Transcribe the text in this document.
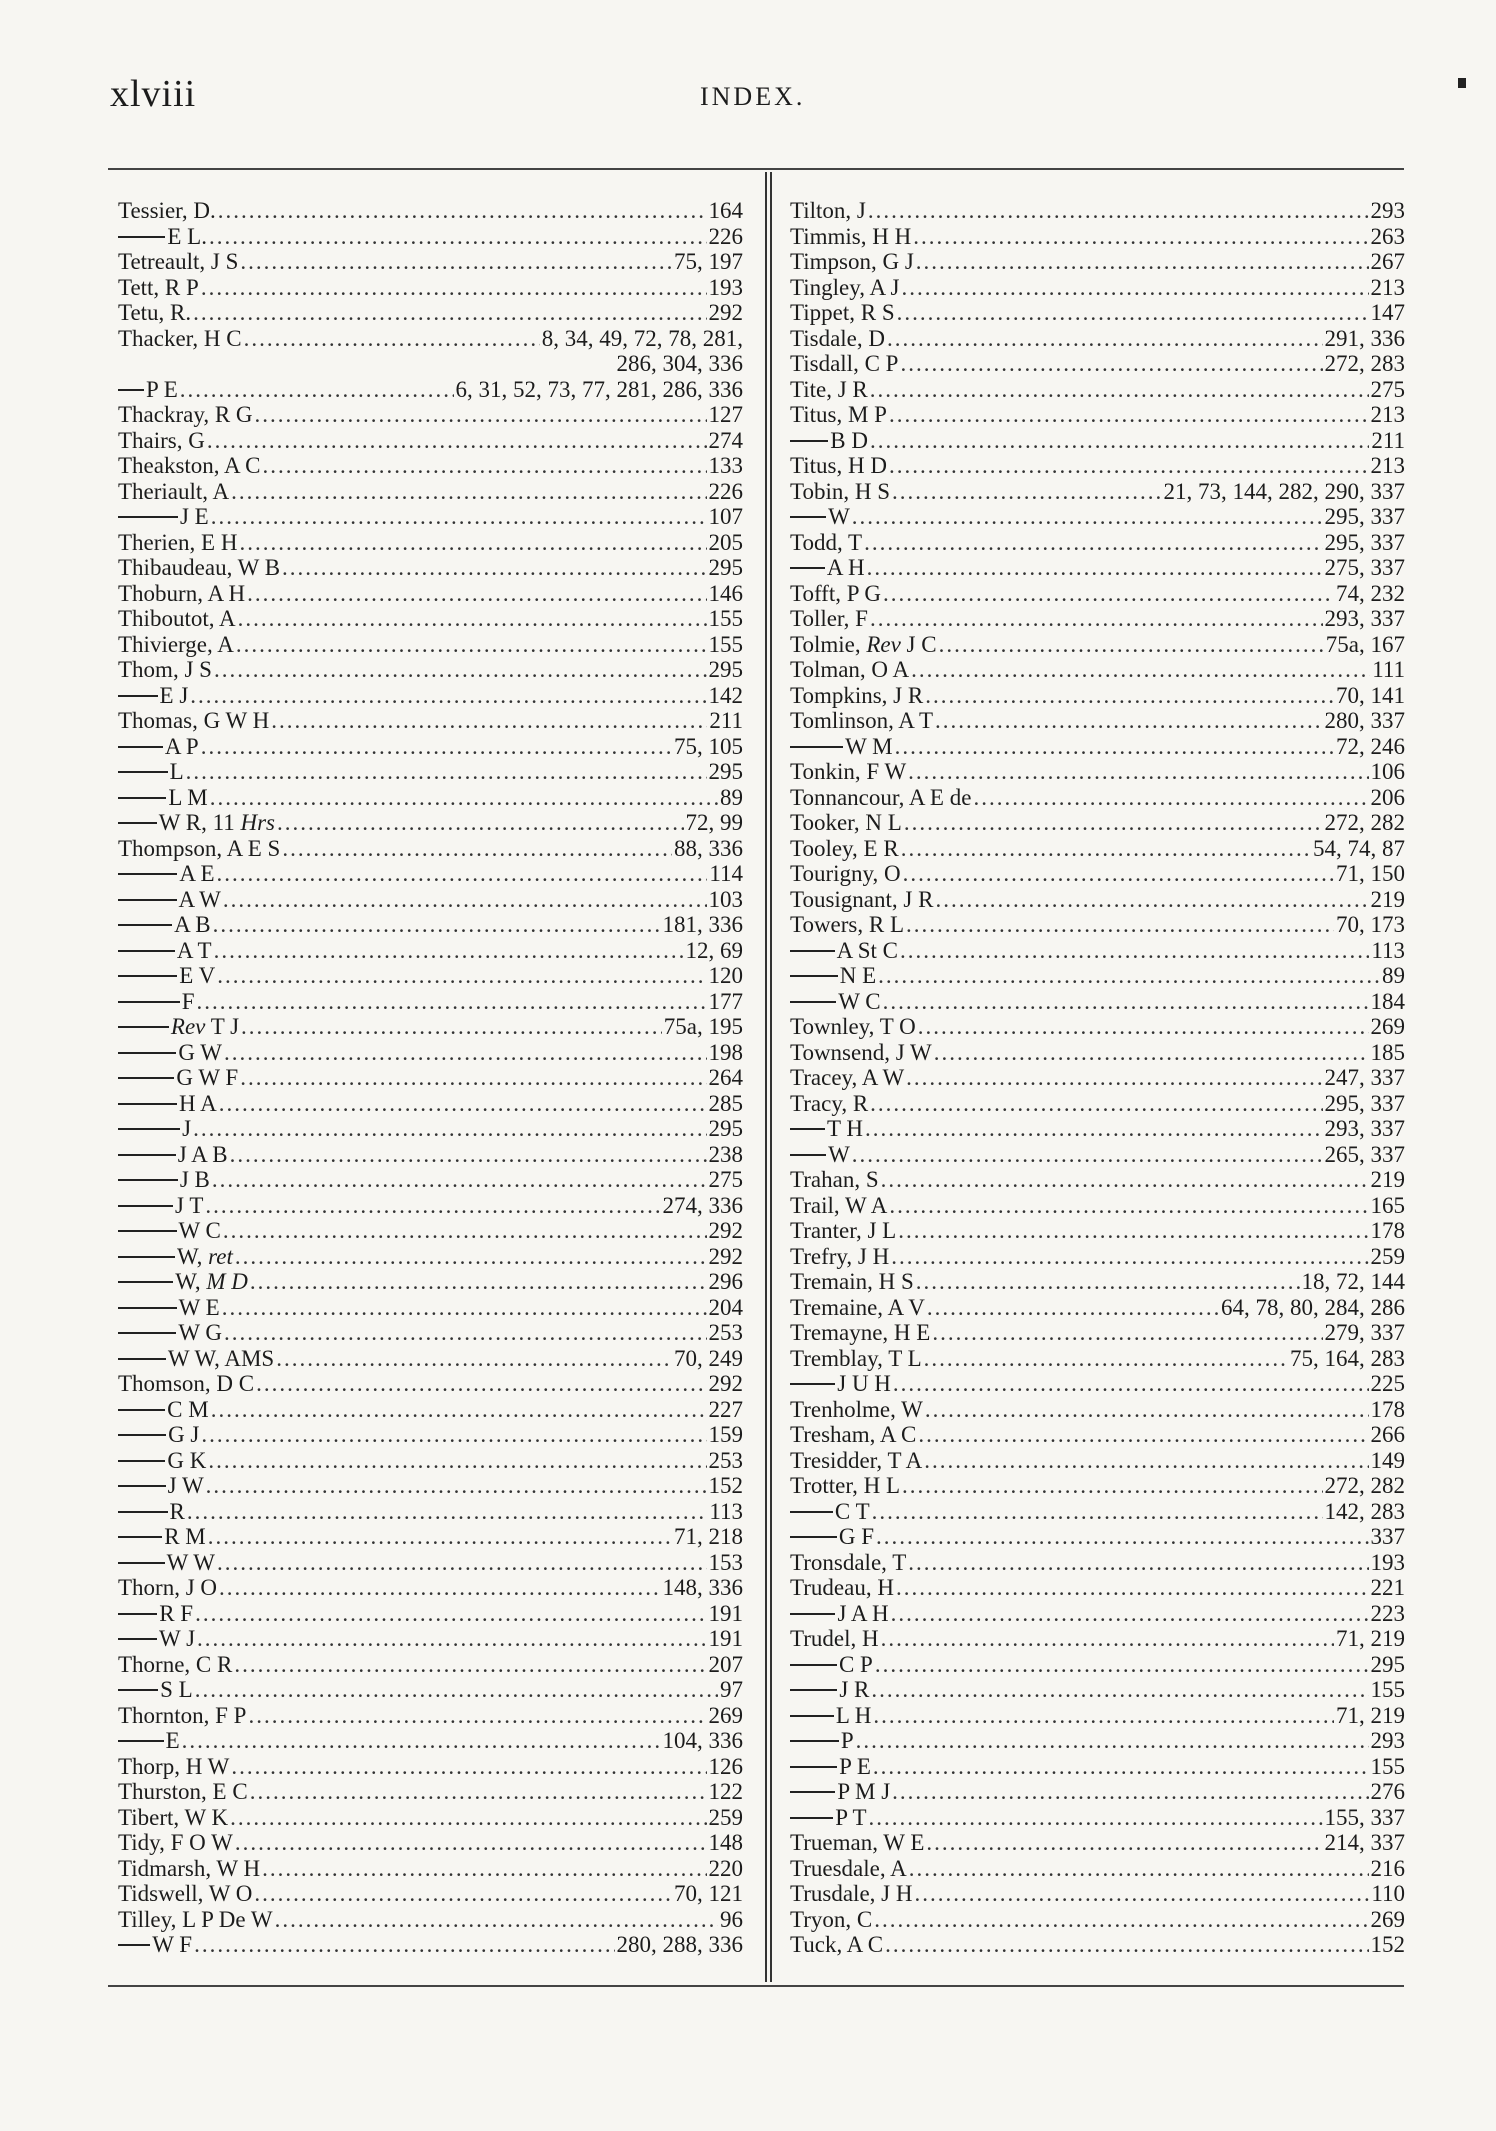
xlviii	INDEX.
Tessier, D. .....	164
E L. .....	226
Tetreault, J S .....	75, 197
Tett, R P .....	193
Tetu, R. .....	292
Thacker, H C .....	8, 34, 49, 72, 78, 281,
286, 304, 336
P E .....	6, 31, 52, 73, 77, 281, 286, 336
Thackray, R G .....	127
Thairs, G .....	274
Theakston, A C .....	133
Theriault, A .....	226
J E .....	107
Therien, E H .....	205
Thibaudeau, W B .....	295
Thoburn, A H .....	146
Thiboutot, A .....	155
Thivierge, A .....	155
Thom, J S .....	295
E J .....	142
Thomas, G W H .....	211
A P .....	75, 105
L .....	295
L M .....	89
W R, 11 Hrs .....	72, 99
Thompson, A E S .....	88, 336
A E .....	114
A W .....	103
A B .....	181, 336
A T .....	12, 69
E V .....	120
F .....	177
Rev T J .....	75a, 195
G W .....	198
G W F .....	264
H A .....	285
J .....	295
J A B .....	238
J B .....	275
J T .....	274, 336
W C .....	292
W, ret .....	292
W, M D .....	296
W E .....	204
W G .....	253
W W, AMS .....	70, 249
Thomson, D C .....	292
C M .....	227
G J .....	159
G K .....	253
J W .....	152
R .....	113
R M .....	71, 218
W W .....	153
Thorn, J O .....	148, 336
R F .....	191
W J .....	191
Thorne, C R .....	207
S L .....	97
Thornton, F P .....	269
E .....	104, 336
Thorp, H W .....	126
Thurston, E C .....	122
Tibert, W K .....	259
Tidy, F O W .....	148
Tidmarsh, W H .....	220
Tidswell, W O .....	70, 121
Tilley, L P De W .....	96
W F .....	280, 288, 336
Tilton, J .....	293
Timmis, H H .....	263
Timpson, G J .....	267
Tingley, A J .....	213
Tippet, R S .....	147
Tisdale, D .....	291, 336
Tisdall, C P .....	272, 283
Tite, J R .....	275
Titus, M P .....	213
B D .....	211
Titus, H D .....	213
Tobin, H S .....	21, 73, 144, 282, 290, 337
W .....	295, 337
Todd, T .....	295, 337
A H .....	275, 337
Tofft, P G .....	74, 232
Toller, F .....	293, 337
Tolmie, Rev J C .....	75a, 167
Tolman, O A .....	111
Tompkins, J R .....	70, 141
Tomlinson, A T .....	280, 337
W M .....	72, 246
Tonkin, F W .....	106
Tonnancour, A E de .....	206
Tooker, N L .....	272, 282
Tooley, E R .....	54, 74, 87
Tourigny, O .....	71, 150
Tousignant, J R .....	219
Towers, R L .....	70, 173
A St C .....	113
N E .....	89
W C .....	184
Townley, T O .....	269
Townsend, J W .....	185
Tracey, A W .....	247, 337
Tracy, R .....	295, 337
T H .....	293, 337
W .....	265, 337
Trahan, S .....	219
Trail, W A .....	165
Tranter, J L .....	178
Trefry, J H .....	259
Tremain, H S .....	18, 72, 144
Tremaine, A V .....	64, 78, 80, 284, 286
Tremayne, H E .....	279, 337
Tremblay, T L .....	75, 164, 283
J U H .....	225
Trenholme, W .....	178
Tresham, A C .....	266
Tresidder, T A .....	149
Trotter, H L .....	272, 282
C T .....	142, 283
G F .....	337
Tronsdale, T .....	193
Trudeau, H .....	221
J A H .....	223
Trudel, H .....	71, 219
C P .....	295
J R .....	155
L H .....	71, 219
P .....	293
P E .....	155
P M J .....	276
P T .....	155, 337
Trueman, W E .....	214, 337
Truesdale, A .....	216
Trusdale, J H .....	110
Tryon, C .....	269
Tuck, A C .....	152
